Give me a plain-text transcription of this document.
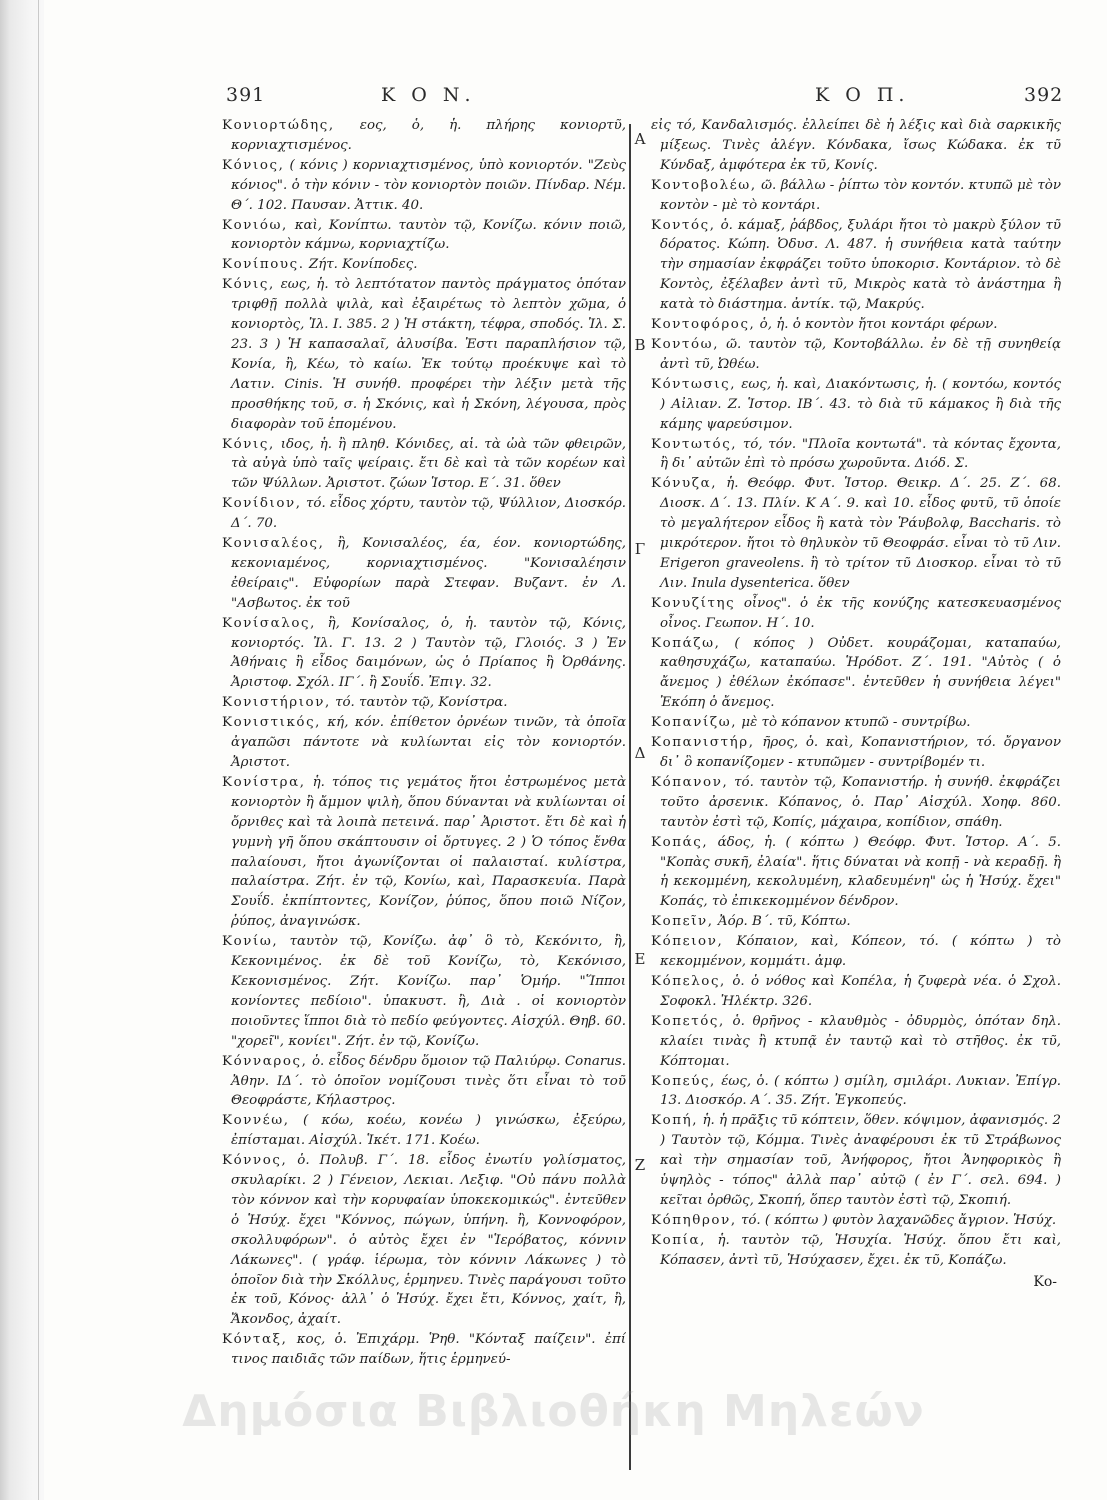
391	Κ Ο Ν.	Κ Ο Π.	392

Κονιορτώδης, εος, ὁ, ἡ. πλήρης κονιορτῦ, κορνιαχτισμένος.

Κόνιος, ( κόνις ) κορνιαχτισμένος, ὑπὸ κονιορτόν. "Ζεὺς κόνιος". ὁ τὴν κόνιν - τὸν κονιορτὸν ποιῶν. Πίνδαρ. Νέμ. Θ΄. 102. Παυσαν. Ἀττικ. 40.

Κονιόω, καὶ, Κονίπτω. ταυτὸν τῷ, Κονίζω. κόνιν ποιῶ, κονιορτὸν κάμνω, κορνιαχτίζω.

Κονίπους. Ζήτ. Κονίποδες.

Κόνις, εως, ἡ. τὸ λεπτότατον παντὸς πράγματος ὁπόταν τριφθῇ πολλὰ ψιλὰ, καὶ ἐξαιρέτως τὸ λεπτὸν χῶμα, ὁ κονιορτὸς, Ἰλ. Ι. 385. 2 ) Ἡ στάκτη, τέφρα, σποδός. Ἰλ. Σ. 23. 3 ) Ἡ καπασαλαῖ, ἀλυσίβα. Ἐστι παραπλήσιον τῷ, Κονία, ἢ, Κέω, τὸ καίω. Ἐκ τούτῳ προέκυψε καὶ τὸ Λατιν. Cinis. Ἡ συνήθ. προφέρει τὴν λέξιν μετὰ τῆς προσθήκης τοῦ, σ. ἡ Σκόνις, καὶ ἡ Σκόνη, λέγουσα, πρὸς διαφορὰν τοῦ ἑπομένου.

Κόνις, ιδος, ἡ. ἢ πληθ. Κόνιδες, αἱ. τὰ ὠὰ τῶν φθειρῶν, τὰ αὐγὰ ὑπὸ ταῖς ψείραις. ἔτι δὲ καὶ τὰ τῶν κορέων καὶ τῶν Ψύλλων. Ἀριστοτ. ζώων Ἱστορ. Ε΄. 31. ὅθεν

Κονίδιον, τό. εἶδος χόρτυ, ταυτὸν τῷ, Ψύλλιον, Διοσκόρ. Δ΄. 70.

Κονισαλέος, ἢ, Κονισαλέος, έα, έον. κονιορτώδης, κεκονιαμένος, κορνιαχτισμένος. "Κονισαλέησιν ἐθείραις". Εὐφορίων παρὰ Στεφαν. Βυζαντ. ἐν Λ. "Ασβωτος. ἐκ τοῦ

Κονίσαλος, ἢ, Κονίσαλος, ὁ, ἡ. ταυτὸν τῷ, Κόνις, κονιορτός. Ἰλ. Γ. 13. 2 ) Ταυτὸν τῷ, Γλοιός. 3 ) Ἐν Ἀθήναις ἢ εἶδος δαιμόνων, ὡς ὁ Πρίαπος ἢ Ὀρθάνης. Ἀριστοφ. Σχόλ. ΙΓ΄. ἢ Σουΐδ. Ἐπιγ. 32.

Κονιστήριον, τό. ταυτὸν τῷ, Κονίστρα.

Κονιστικός, κή, κόν. ἐπίθετον ὀρνέων τινῶν, τὰ ὁποῖα ἀγαπῶσι πάντοτε νὰ κυλίωνται εἰς τὸν κονιορτόν. Ἀριστοτ.

Κονίστρα, ἡ. τόπος τις γεμάτος ἤτοι ἐστρωμένος μετὰ κονιορτὸν ἢ ἄμμον ψιλὴ, ὅπου δύνανται νὰ κυλίωνται οἱ ὄρνιθες καὶ τὰ λοιπὰ πετεινά. παρ᾽ Ἀριστοτ. ἔτι δὲ καὶ ἡ γυμνὴ γῆ ὅπου σκάπτουσιν οἱ ὄρτυγες. 2 ) Ὁ τόπος ἔνθα παλαίουσι, ἤτοι ἀγωνίζονται οἱ παλαισταί. κυλίστρα, παλαίστρα. Ζήτ. ἐν τῷ, Κονίω, καὶ, Παρασκευία. Παρὰ Σουΐδ. ἐκπίπτοντες, Κονίζον, ῥύπος, ὅπου ποιῶ Νίζον, ῥύπος, ἀναγινώσκ.

Κονίω, ταυτὸν τῷ, Κονίζω. ἀφ᾽ ὃ τὸ, Κεκόνιτο, ἢ, Κεκονιμένος. ἐκ δὲ τοῦ Κονίζω, τὸ, Κεκόνισο, Κεκονισμένος. Ζήτ. Κονίζω. παρ᾽ Ὁμήρ. "Ἵπποι κονίοντες πεδίοιο". ὑπακυστ. ἢ, Διὰ . οἱ κονιορτὸν ποιοῦντες ἵπποι διὰ τὸ πεδίο φεύγοντες. Αἰσχύλ. Θηβ. 60. "χορεῖ", κονίει". Ζήτ. ἐν τῷ, Κονίζω.

Κόνναρος, ὁ. εἶδος δένδρυ ὅμοιον τῷ Παλιύρῳ. Conarus. Ἀθην. ΙΔ΄. τὸ ὁποῖον νομίζουσι τινὲς ὅτι εἶναι τὸ τοῦ Θεοφράστε, Κήλαστρος.

Κοννέω, ( κόω, κοέω, κονέω ) γινώσκω, ἐξεύρω, ἐπίσταμαι. Αἰσχύλ. Ἱκέτ. 171. Κοέω.

Κόννος, ὁ. Πολυβ. Γ΄. 18. εἶδος ἐνωτίυ γολίσματος, σκυλαρίκι. 2 ) Γένειον, Λεκιαι. Λεξιφ. "Οὐ πάνυ πολλὰ τὸν κόννον καὶ τὴν κορυφαίαν ὑποκεκομικώς". ἐντεῦθεν ὁ Ἡσύχ. ἔχει "Κόννος, πώγων, ὑπήνη. ἢ, Κοννοφόρον, σκολλυφόρων". ὁ αὐτὸς ἔχει ἐν "Ἱερόβατος, κόννιν Λάκωνες". ( γράφ. ἱέρωμα, τὸν κόννιν Λάκωνες ) τὸ ὁποῖον διὰ τὴν Σκόλλυς, ἑρμηνευ. Τινὲς παράγουσι τοῦτο ἐκ τοῦ, Κόνος· ἀλλ᾽ ὁ Ἡσύχ. ἔχει ἔτι, Κόννος, χαίτ, ἢ, Ἄκονδος, ἀχαίτ.

Κόνταξ, κος, ὁ. Ἐπιχάρμ. Ῥηθ. "Κόνταξ παίζειν". ἐπί τινος παιδιᾶς τῶν παίδων, ἥτις ἑρμηνεύ-

εἰς τό, Κανδαλισμός. ἐλλείπει δὲ ἡ λέξις καὶ διὰ σαρκικῆς μίξεως. Τινὲς ἀλέγν. Κόνδακα, ἴσως Κώδακα. ἐκ τῦ Κύνδαξ, ἀμφότερα ἐκ τῦ, Κονίς.

Κοντοβολέω, ῶ. βάλλω - ῥίπτω τὸν κοντόν. κτυπῶ μὲ τὸν κοντὸν - μὲ τὸ κοντάρι.

Κοντός, ὁ. κάμαξ, ῥάβδος, ξυλάρι ἤτοι τὸ μακρὺ ξύλον τῦ δόρατος. Κώπη. Ὀδυσ. Λ. 487. ἡ συνήθεια κατὰ ταύτην τὴν σημασίαν ἐκφράζει τοῦτο ὑποκορισ. Κοντάριον. τὸ δὲ Κοντὸς, ἐξέλαβεν ἀντὶ τῦ, Μικρὸς κατὰ τὸ ἀνάστημα ἢ κατὰ τὸ διάστημα. ἀντίκ. τῷ, Μακρύς.

Κοντοφόρος, ὁ, ἡ. ὁ κοντὸν ἤτοι κοντάρι φέρων.

Κοντόω, ῶ. ταυτὸν τῷ, Κοντοβάλλω. ἐν δὲ τῇ συνηθείᾳ ἀντὶ τῦ, Ὠθέω.

Κόντωσις, εως, ἡ. καὶ, Διακόντωσις, ἡ. ( κοντόω, κοντός ) Αἰλιαν. Ζ. Ἱστορ. ΙΒ΄. 43. τὸ διὰ τῦ κάμακος ἢ διὰ τῆς κάμης ψαρεύσιμον.

Κοντωτός, τό, τόν. "Πλοῖα κοντωτά". τὰ κόντας ἔχοντα, ἢ δι᾽ αὐτῶν ἐπὶ τὸ πρόσω χωροῦντα. Διόδ. Σ.

Κόνυζα, ἡ. Θεόφρ. Φυτ. Ἱστορ. Θεικρ. Δ΄. 25. Ζ΄. 68. Διοσκ. Δ΄. 13. Πλίν. Κ Α΄. 9. καὶ 10. εἶδος φυτῦ, τῦ ὁποίε τὸ μεγαλήτερον εἶδος ἢ κατὰ τὸν Ῥάυβολφ, Baccharis. τὸ μικρότερον. ἤτοι τὸ θηλυκὸν τῦ Θεοφράσ. εἶναι τὸ τῦ Λιν. Erigeron graveolens. ἢ τὸ τρίτον τῦ Διοσκορ. εἶναι τὸ τῦ Λιν. Inula dysenterica. ὅθεν

Κονυζίτης οἶνος". ὁ ἐκ τῆς κονύζης κατεσκευασμένος οἶνος. Γεωπον. Η΄. 10.

Κοπάζω, ( κόπος ) Οὐδετ. κουράζομαι, καταπαύω, καθησυχάζω, καταπαύω. Ἡρόδοτ. Ζ΄. 191. "Αὐτὸς ( ὁ ἄνεμος ) ἐθέλων ἐκόπασε". ἐντεῦθεν ἡ συνήθεια λέγει" Ἐκόπη ὁ ἄνεμος.

Κοπανίζω, μὲ τὸ κόπανον κτυπῶ - συντρίβω.

Κοπανιστήρ, ῆρος, ὁ. καὶ, Κοπανιστήριον, τό. ὄργανον δι᾽ ὃ κοπανίζομεν - κτυπῶμεν - συντρίβομέν τι.

Κόπανον, τό. ταυτὸν τῷ, Κοπανιστήρ. ἡ συνήθ. ἐκφράζει τοῦτο ἀρσενικ. Κόπανος, ὁ. Παρ᾽ Αἰσχύλ. Χοηφ. 860. ταυτὸν ἐστὶ τῷ, Κοπίς, μάχαιρα, κοπίδιον, σπάθη.

Κοπάς, άδος, ἡ. ( κόπτω ) Θεόφρ. Φυτ. Ἱστορ. Α΄. 5. "Κοπὰς συκῆ, ἐλαία". ἥτις δύναται νὰ κοπῇ - νὰ κεραδῇ. ἢ ἡ κεκομμένη, κεκολυμένη, κλαδευμένη" ὡς ἡ Ἡσύχ. ἔχει" Κοπάς, τὸ ἐπικεκομμένον δένδρον.

Κοπεῖν, Ἀόρ. Β΄. τῦ, Κόπτω.

Κόπειον, Κόπαιον, καὶ, Κόπεον, τό. ( κόπτω ) τὸ κεκομμένον, κομμάτι. ἀμφ.

Κόπελος, ὁ. ὁ νόθος καὶ Κοπέλα, ἡ ζυφερὰ νέα. ὁ Σχολ. Σοφοκλ. Ἠλέκτρ. 326.

Κοπετός, ὁ. θρῆνος - κλαυθμὸς - ὀδυρμὸς, ὁπόταν δηλ. κλαίει τινὰς ἢ κτυπᾷ ἐν ταυτῷ καὶ τὸ στῆθος. ἐκ τῦ, Κόπτομαι.

Κοπεύς, έως, ὁ. ( κόπτω ) σμίλη, σμιλάρι. Λυκιαν. Ἐπίγρ. 13. Διοσκόρ. Α΄. 35. Ζήτ. Ἐγκοπεύς.

Κοπή, ἡ. ἡ πρᾶξις τῦ κόπτειν, ὅθεν. κόψιμον, ἀφανισμός. 2 ) Ταυτὸν τῷ, Κόμμα. Τινὲς ἀναφέρουσι ἐκ τῦ Στράβωνος καὶ τὴν σημασίαν τοῦ, Ἀνήφορος, ἤτοι Ἀνηφορικὸς ἢ ὑψηλὸς - τόπος" ἀλλὰ παρ᾽ αὐτῷ ( ἐν Γ΄. σελ. 694. ) κεῖται ὀρθῶς, Σκοπή, ὅπερ ταυτὸν ἐστὶ τῷ, Σκοπιή.

Κόπηθρον, τό. ( κόπτω ) φυτὸν λαχανῶδες ἄγριον. Ἡσύχ.

Κοπία, ἡ. ταυτὸν τῷ, Ἡσυχία. Ἡσύχ. ὅπου ἔτι καὶ, Κόπασεν, ἀντὶ τῦ, Ἡσύχασεν, ἔχει. ἐκ τῦ, Κοπάζω.

Κο-
Α
Β
Γ
Δ
Ε
Ζ
Δημόσια Βιβλιοθήκη Μηλεών
